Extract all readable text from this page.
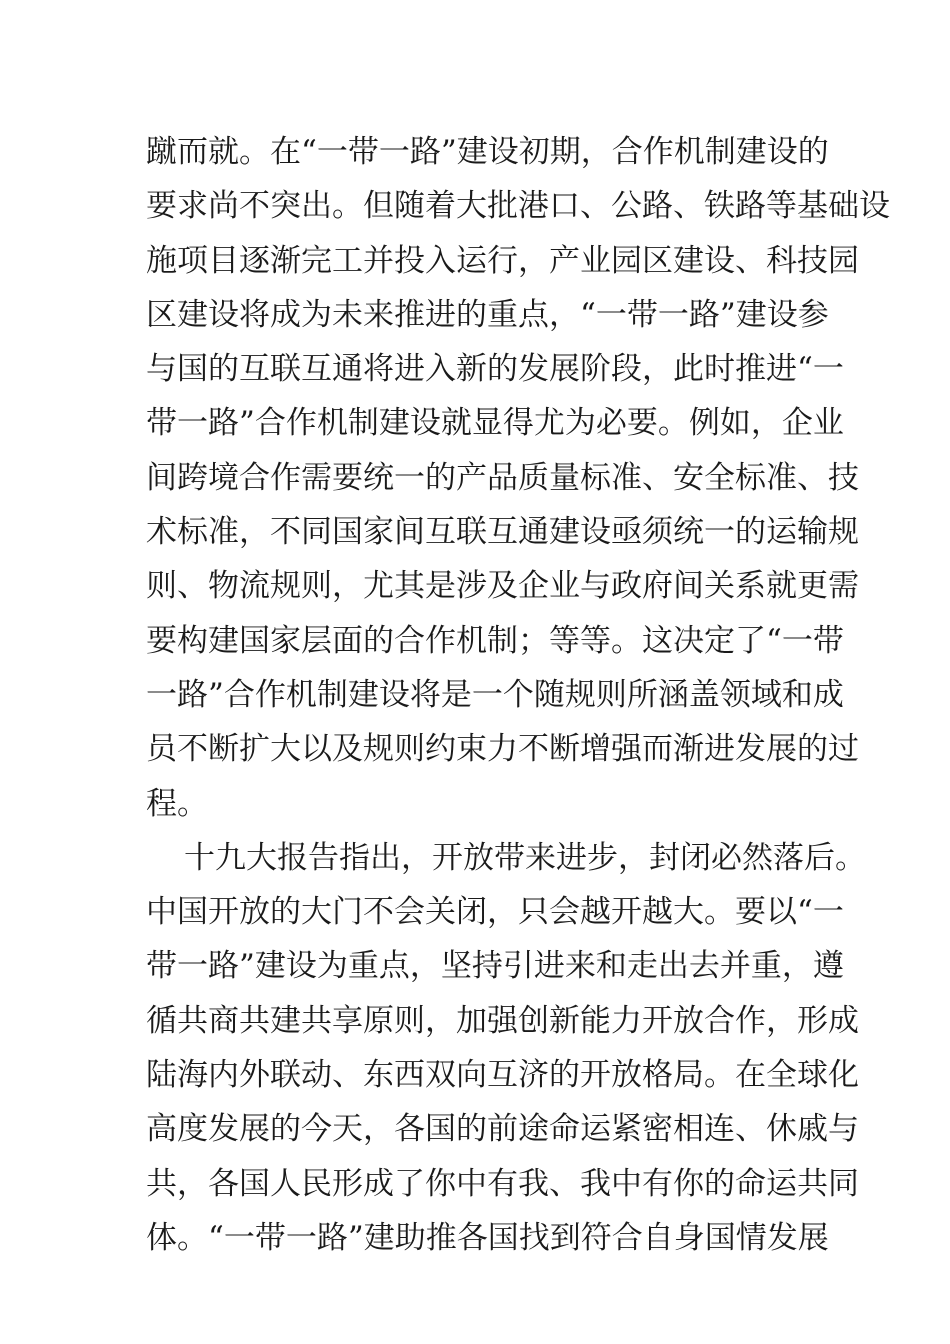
蹴而就。在“一带一路”建设初期，合作机制建设的
要求尚不突出。但随着大批港口、公路、铁路等基础设
施项目逐渐完工并投入运行，产业园区建设、科技园
区建设将成为未来推进的重点，“一带一路”建设参
与国的互联互通将进入新的发展阶段，此时推进“一
带一路”合作机制建设就显得尤为必要。例如，企业
间跨境合作需要统一的产品质量标准、安全标准、技
术标准，不同国家间互联互通建设亟须统一的运输规
则、物流规则，尤其是涉及企业与政府间关系就更需
要构建国家层面的合作机制；等等。这决定了“一带
一路”合作机制建设将是一个随规则所涵盖领域和成
员不断扩大以及规则约束力不断增强而渐进发展的过
程。
十九大报告指出，开放带来进步，封闭必然落后。
中国开放的大门不会关闭，只会越开越大。要以“一
带一路”建设为重点，坚持引进来和走出去并重，遵
循共商共建共享原则，加强创新能力开放合作，形成
陆海内外联动、东西双向互济的开放格局。在全球化
高度发展的今天，各国的前途命运紧密相连、休戚与
共，各国人民形成了你中有我、我中有你的命运共同
体。“一带一路”建助推各国找到符合自身国情发展
